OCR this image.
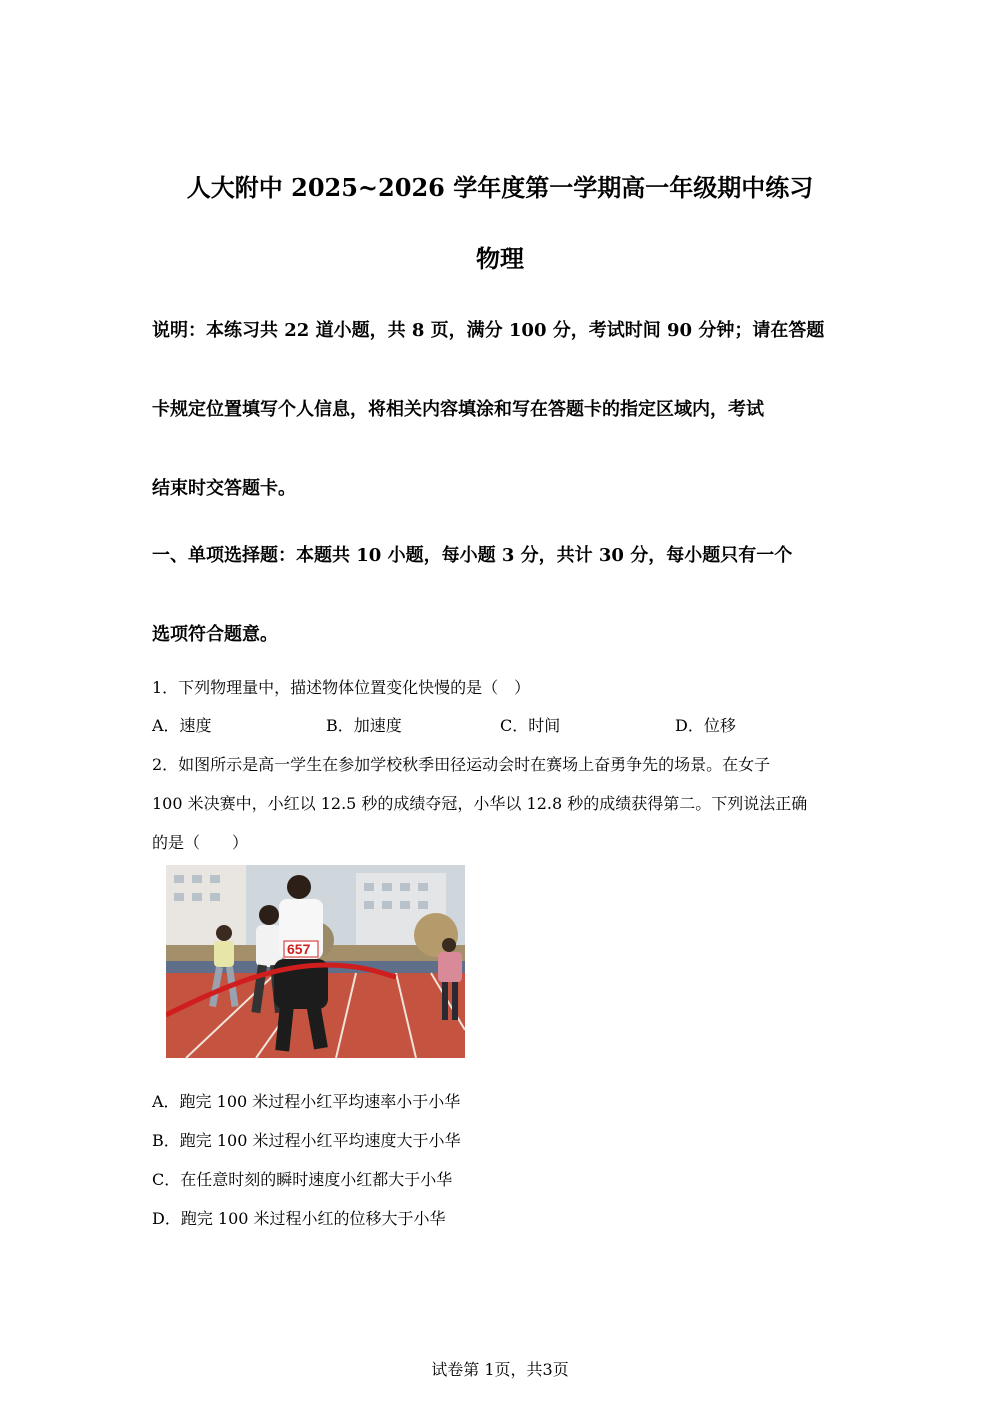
人大附中 2025~2026 学年度第一学期高一年级期中练习
物理
说明：本练习共 22 道小题，共 8 页，满分 100 分，考试时间 90 分钟；请在答题
卡规定位置填写个人信息，将相关内容填涂和写在答题卡的指定区域内，考试
结束时交答题卡。
一、单项选择题：本题共 10 小题，每小题 3 分，共计 30 分，每小题只有一个
选项符合题意。
1．下列物理量中，描述物体位置变化快慢的是（　）
A．速度	B．加速度	C．时间	D．位移
2．如图所示是高一学生在参加学校秋季田径运动会时在赛场上奋勇争先的场景。在女子
100 米决赛中，小红以 12.5 秒的成绩夺冠，小华以 12.8 秒的成绩获得第二。下列说法正确
的是（　　）
657
A．跑完 100 米过程小红平均速率小于小华
B．跑完 100 米过程小红平均速度大于小华
C．在任意时刻的瞬时速度小红都大于小华
D．跑完 100 米过程小红的位移大于小华
试卷第 1页，共3页
